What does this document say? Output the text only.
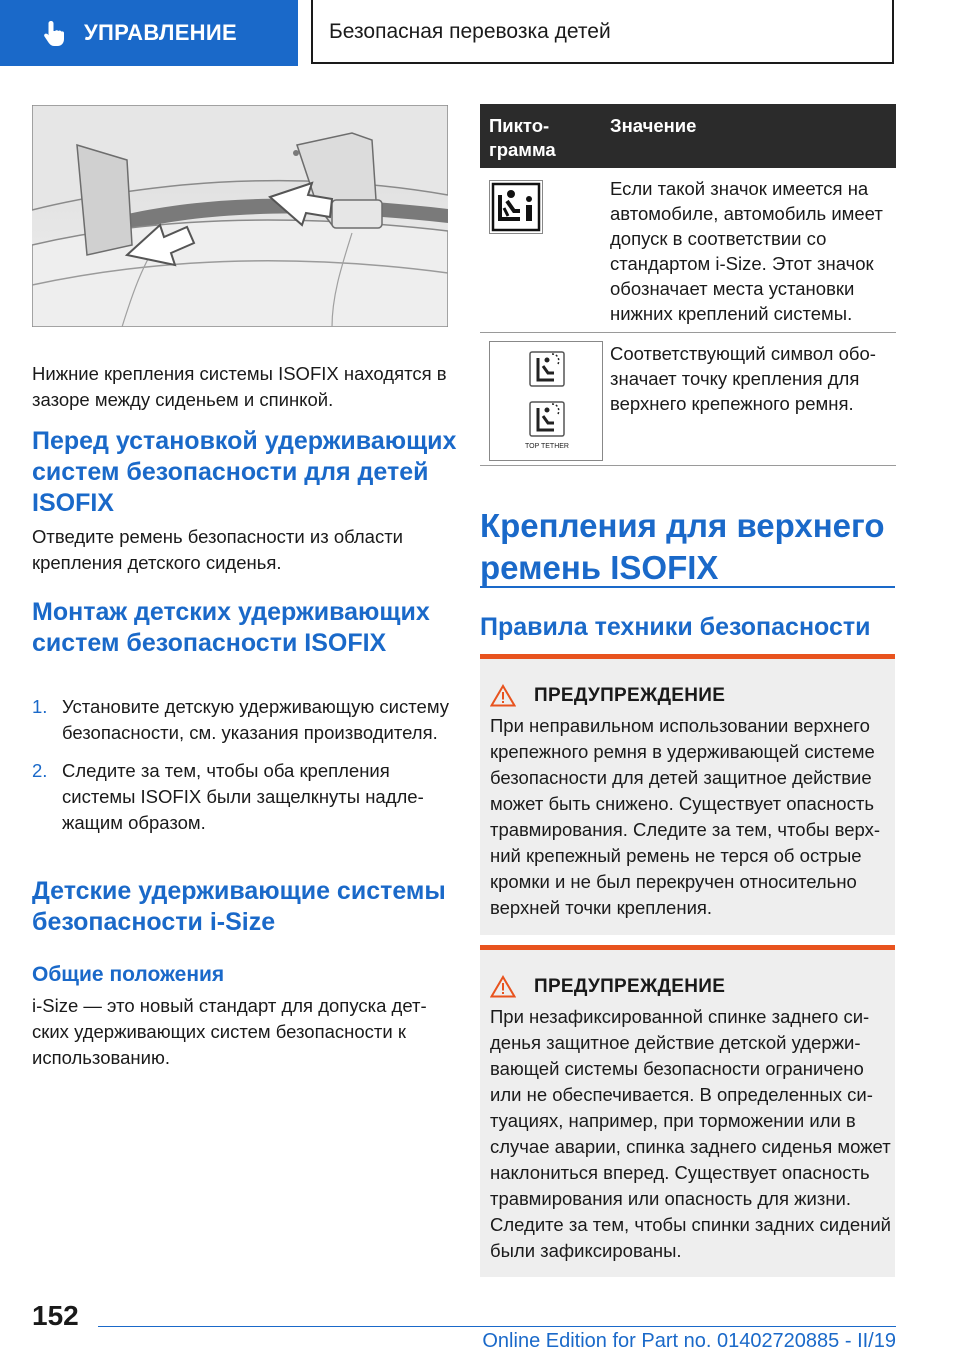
УПРАВЛЕНИЕ	Безопасная перевозка детей

Нижние крепления системы ISOFIX находятся в зазоре между сиденьем и спинкой.

Перед установкой удерживающих систем безопасности для детей ISOFIX

Отведите ремень безопасности из области крепления детского сиденья.

Монтаж детских удерживающих систем безопасности ISOFIX
1. Установите детскую удерживающую систему безопасности, см. указания производителя.
2. Следите за тем, чтобы оба крепления системы ISOFIX были защелкнуты надлежащим образом.
Детские удерживающие системы безопасности i-Size
Общие положения

i-Size — это новый стандарт для допуска детских удерживающих систем безопасности к использованию.

Пиктограмма
Значение
Если такой значок имеется на автомобиле, автомобиль имеет допуск в соответствии со стандартом i-Size. Этот значок обозначает места установки нижних креплений системы.
TOP TETHER
Соответствующий символ обозначает точку крепления для верхнего крепежного ремня.
Крепления для верхнего ремень ISOFIX
Правила техники безопасности
ПРЕДУПРЕЖДЕНИЕ
При неправильном использовании верхнего крепежного ремня в удерживающей системе безопасности для детей защитное действие может быть снижено. Существует опасность травмирования. Следите за тем, чтобы верхний крепежный ремень не терся об острые кромки и не был перекручен относительно верхней точки крепления.
ПРЕДУПРЕЖДЕНИЕ
При незафиксированной спинке заднего сиденья защитное действие детской удерживающей системы безопасности ограничено или не обеспечивается. В определенных ситуациях, например, при торможении или в случае аварии, спинка заднего сиденья может наклониться вперед. Существует опасность травмирования или опасность для жизни. Следите за тем, чтобы спинки задних сидений были зафиксированы.
152
Online Edition for Part no. 01402720885 - II/19
